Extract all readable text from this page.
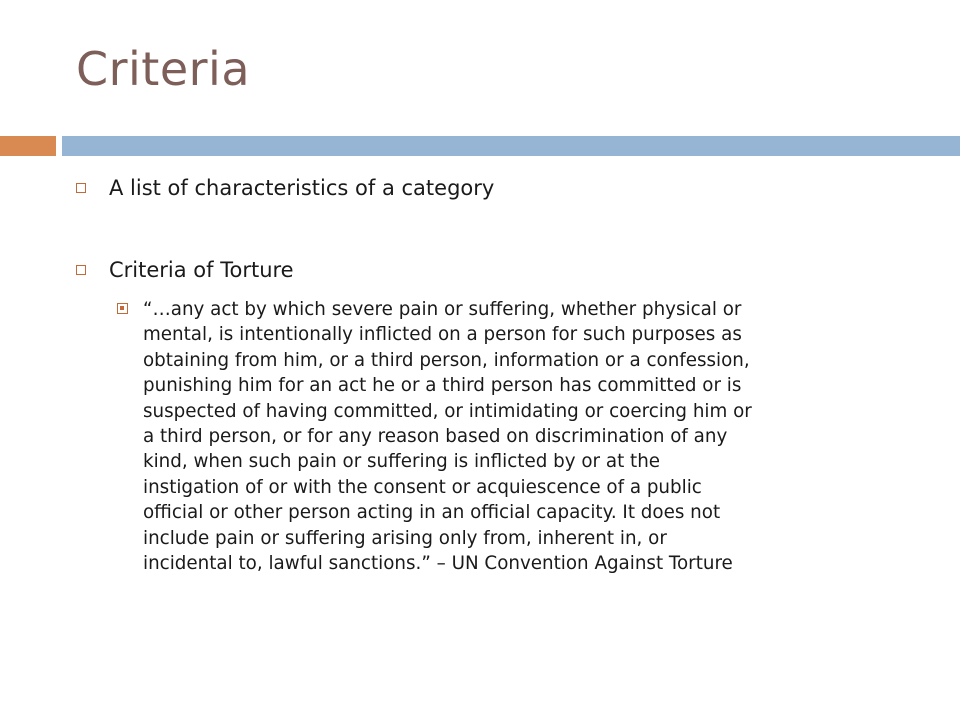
Criteria
A list of characteristics of a category
Criteria of Torture
“…any act by which severe pain or suffering, whether physical or
mental, is intentionally inflicted on a person for such purposes as
obtaining from him, or a third person, information or a confession,
punishing him for an act he or a third person has committed or is
suspected of having committed, or intimidating or coercing him or
a third person, or for any reason based on discrimination of any
kind, when such pain or suffering is inflicted by or at the
instigation of or with the consent or acquiescence of a public
official or other person acting in an official capacity. It does not
include pain or suffering arising only from, inherent in, or
incidental to, lawful sanctions.” – UN Convention Against Torture
